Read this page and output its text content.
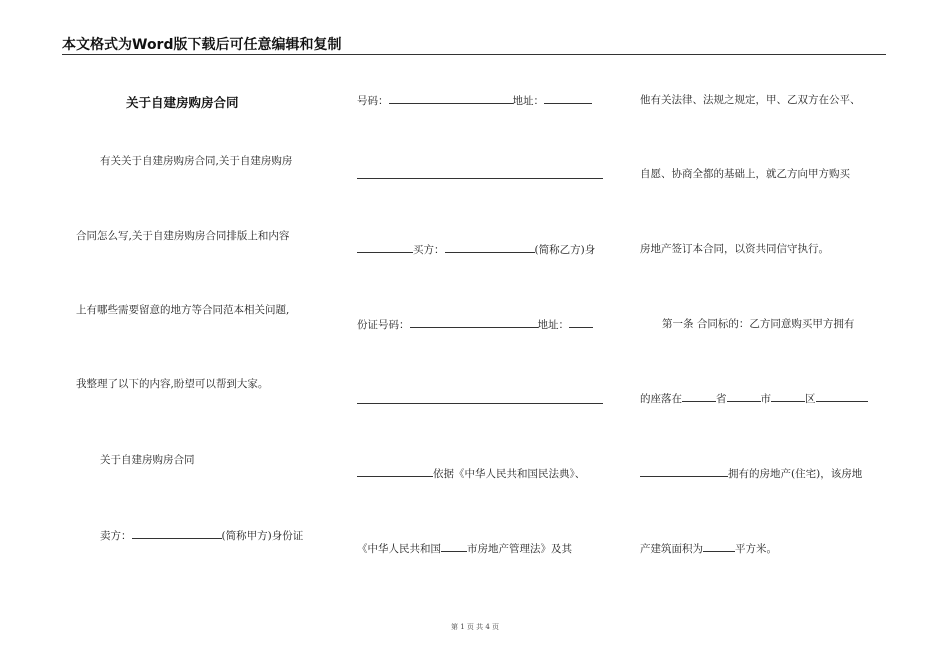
本文格式为Word版下载后可任意编辑和复制
关于自建房购房合同
有关关于自建房购房合同,关于自建房购房
合同怎么写,关于自建房购房合同排版上和内容
上有哪些需要留意的地方等合同范本相关问题,
我整理了以下的内容,盼望可以帮到大家。
关于自建房购房合同
卖方：	(简称甲方)身份证
号码：	地址：
买方：	(简称乙方)身
份证号码：	地址：
依据《中华人民共和国民法典》、
《中华人民共和国 市房地产管理法》及其
他有关法律、法规之规定，甲、乙双方在公平、
自愿、协商全都的基础上，就乙方向甲方购买
房地产签订本合同，以资共同信守执行。
第一条 合同标的：乙方同意购买甲方拥有
的座落在	省	市	区
拥有的房地产(住宅)，该房地
产建筑面积为	平方米。
第 1 页 共 4 页
